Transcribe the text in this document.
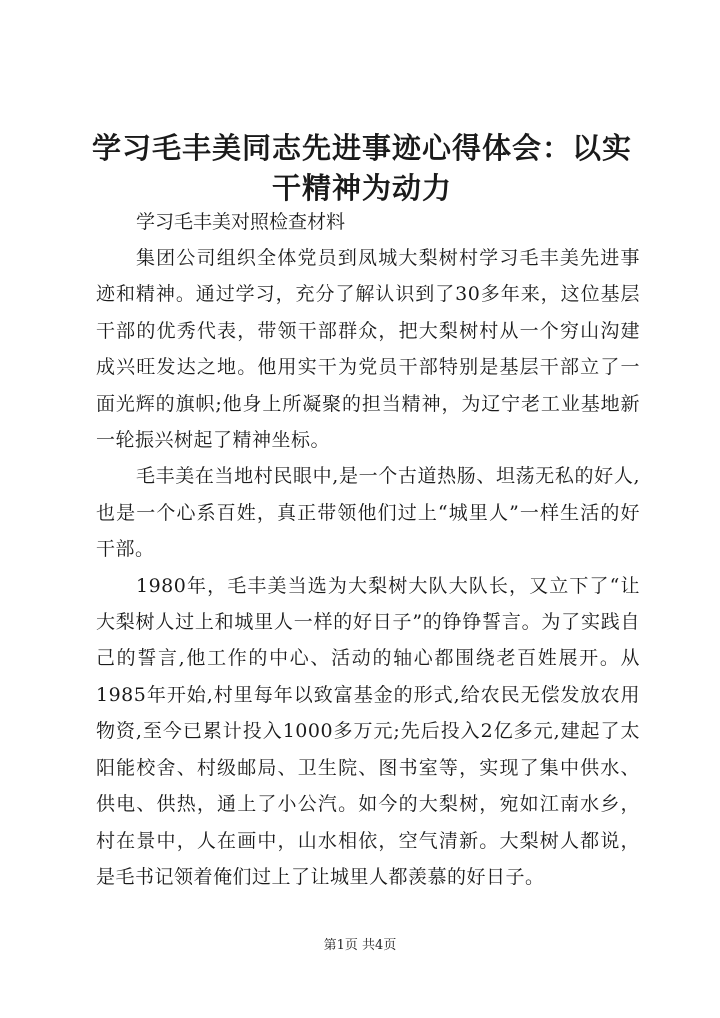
学习毛丰美同志先进事迹心得体会：以实干精神为动力

学习毛丰美对照检查材料

集团公司组织全体党员到凤城大梨树村学习毛丰美先进事迹和精神。通过学习，充分了解认识到了30多年来，这位基层干部的优秀代表，带领干部群众，把大梨树村从一个穷山沟建成兴旺发达之地。他用实干为党员干部特别是基层干部立了一面光辉的旗帜;他身上所凝聚的担当精神，为辽宁老工业基地新一轮振兴树起了精神坐标。

毛丰美在当地村民眼中,是一个古道热肠、坦荡无私的好人,也是一个心系百姓，真正带领他们过上“城里人”一样生活的好干部。

1980年，毛丰美当选为大梨树大队大队长，又立下了“让大梨树人过上和城里人一样的好日子”的铮铮誓言。为了实践自己的誓言,他工作的中心、活动的轴心都围绕老百姓展开。从1985年开始,村里每年以致富基金的形式,给农民无偿发放农用物资,至今已累计投入1000多万元;先后投入2亿多元,建起了太阳能校舍、村级邮局、卫生院、图书室等，实现了集中供水、供电、供热，通上了小公汽。如今的大梨树，宛如江南水乡，村在景中，人在画中，山水相依，空气清新。大梨树人都说，是毛书记领着俺们过上了让城里人都羡慕的好日子。

第1页 共4页
